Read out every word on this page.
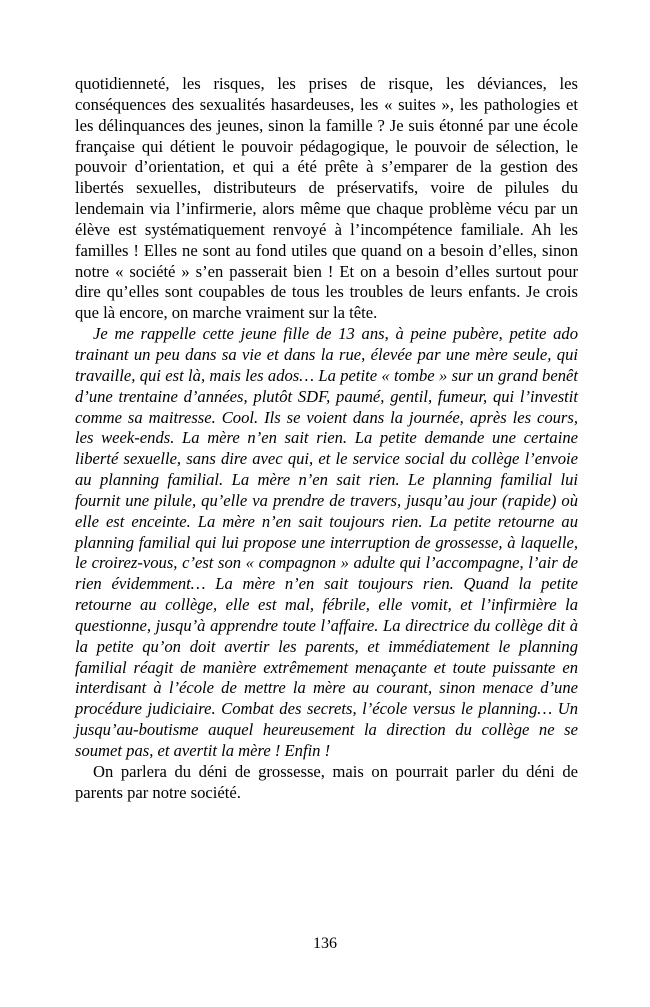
quotidienneté, les risques, les prises de risque, les déviances, les conséquences des sexualités hasardeuses, les « suites », les pathologies et les délinquances des jeunes, sinon la famille ? Je suis étonné par une école française qui détient le pouvoir pédagogique, le pouvoir de sélection, le pouvoir d’orientation, et qui a été prête à s’emparer de la gestion des libertés sexuelles, distributeurs de préservatifs, voire de pilules du lendemain via l’infirmerie, alors même que chaque problème vécu par un élève est systématiquement renvoyé à l’incompétence familiale. Ah les familles ! Elles ne sont au fond utiles que quand on a besoin d’elles, sinon notre « société » s’en passerait bien ! Et on a besoin d’elles surtout pour dire qu’elles sont coupables de tous les troubles de leurs enfants. Je crois que là encore, on marche vraiment sur la tête.

Je me rappelle cette jeune fille de 13 ans, à peine pubère, petite ado trainant un peu dans sa vie et dans la rue, élevée par une mère seule, qui travaille, qui est là, mais les ados… La petite « tombe » sur un grand benêt d’une trentaine d’années, plutôt SDF, paumé, gentil, fumeur, qui l’investit comme sa maitresse. Cool. Ils se voient dans la journée, après les cours, les week-ends. La mère n’en sait rien. La petite demande une certaine liberté sexuelle, sans dire avec qui, et le service social du collège l’envoie au planning familial. La mère n’en sait rien. Le planning familial lui fournit une pilule, qu’elle va prendre de travers, jusqu’au jour (rapide) où elle est enceinte. La mère n’en sait toujours rien. La petite retourne au planning familial qui lui propose une interruption de grossesse, à laquelle, le croirez-vous, c’est son « compagnon » adulte qui l’accompagne, l’air de rien évidemment… La mère n’en sait toujours rien. Quand la petite retourne au collège, elle est mal, fébrile, elle vomit, et l’infirmière la questionne, jusqu’à apprendre toute l’affaire. La directrice du collège dit à la petite qu’on doit avertir les parents, et immédiatement le planning familial réagit de manière extrêmement menaçante et toute puissante en interdisant à l’école de mettre la mère au courant, sinon menace d’une procédure judiciaire. Combat des secrets, l’école versus le planning… Un jusqu’au-boutisme auquel heureusement la direction du collège ne se soumet pas, et avertit la mère ! Enfin !

On parlera du déni de grossesse, mais on pourrait parler du déni de parents par notre société.

136
